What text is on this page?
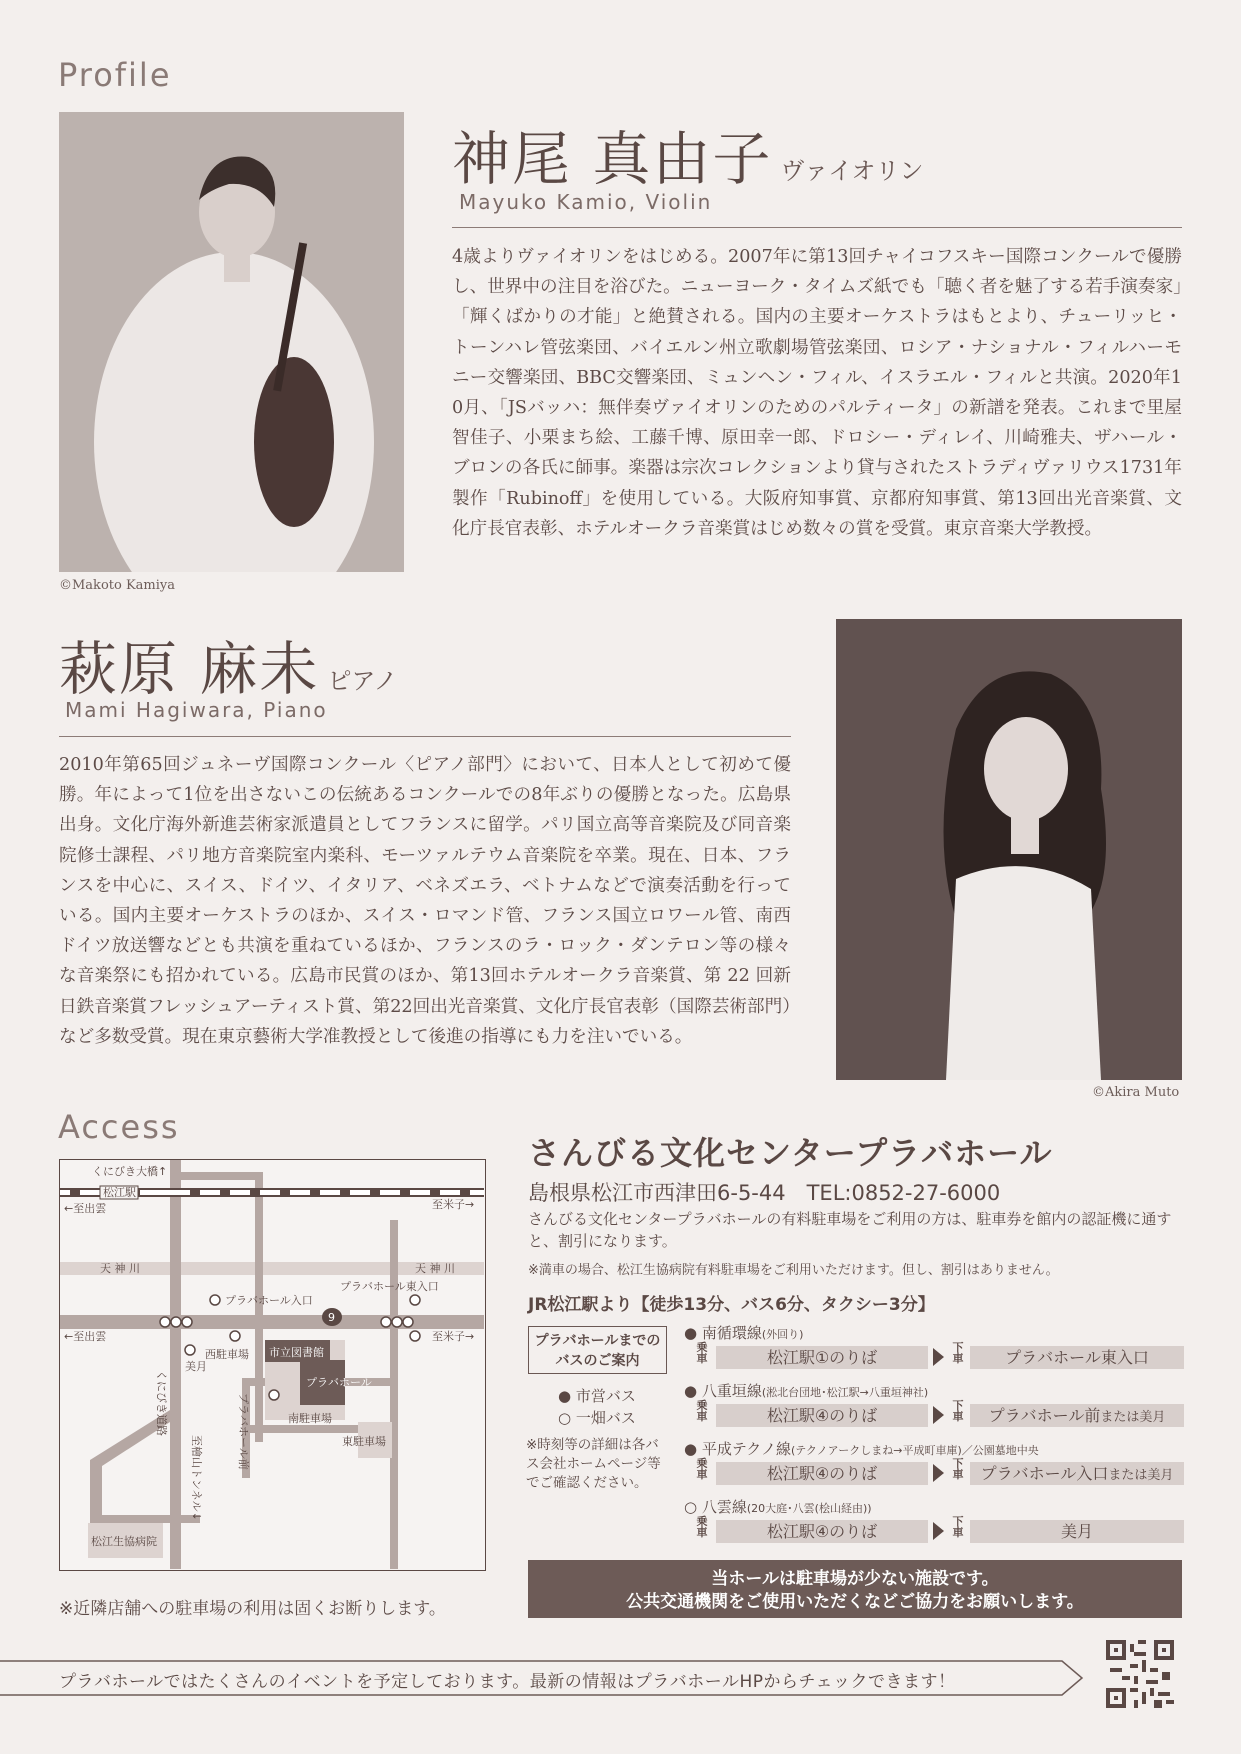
Profile
©Makoto Kamiya
神尾 真由子 ヴァイオリン
Mayuko Kamio, Violin
4歳よりヴァイオリンをはじめる。2007年に第13回チャイコフスキー国際コンクールで優勝し、世界中の注目を浴びた。ニューヨーク・タイムズ紙でも「聴く者を魅了する若手演奏家」「輝くばかりの才能」と絶賛される。国内の主要オーケストラはもとより、チューリッヒ・トーンハレ管弦楽団、バイエルン州立歌劇場管弦楽団、ロシア・ナショナル・フィルハーモニー交響楽団、BBC交響楽団、ミュンヘン・フィル、イスラエル・フィルと共演。2020年10月、「JSバッハ：無伴奏ヴァイオリンのためのパルティータ」の新譜を発表。これまで里屋智佳子、小栗まち絵、工藤千博、原田幸一郎、ドロシー・ディレイ、川崎雅夫、ザハール・ブロンの各氏に師事。楽器は宗次コレクションより貸与されたストラディヴァリウス1731年製作「Rubinoff」を使用している。大阪府知事賞、京都府知事賞、第13回出光音楽賞、文化庁長官表彰、ホテルオークラ音楽賞はじめ数々の賞を受賞。東京音楽大学教授。
萩原 麻未 ピアノ
Mami Hagiwara, Piano
2010年第65回ジュネーヴ国際コンクール〈ピアノ部門〉において、日本人として初めて優勝。年によって1位を出さないこの伝統あるコンクールでの8年ぶりの優勝となった。広島県出身。文化庁海外新進芸術家派遣員としてフランスに留学。パリ国立高等音楽院及び同音楽院修士課程、パリ地方音楽院室内楽科、モーツァルテウム音楽院を卒業。現在、日本、フランスを中心に、スイス、ドイツ、イタリア、ベネズエラ、ベトナムなどで演奏活動を行っている。国内主要オーケストラのほか、スイス・ロマンド管、フランス国立ロワール管、南西ドイツ放送響などとも共演を重ねているほか、フランスのラ・ロック・ダンテロン等の様々な音楽祭にも招かれている。広島市民賞のほか、第13回ホテルオークラ音楽賞、第 22 回新日鉄音楽賞フレッシュアーティスト賞、第22回出光音楽賞、文化庁長官表彰（国際芸術部門）など多数受賞。現在東京藝術大学准教授として後進の指導にも力を注いでいる。
©Akira Muto
Access
くにびき大橋↑
松江駅
←至出雲	至米子→
天 神 川	天 神 川
プラバホール入口
プラバホール東入口
9
←至出雲	至米子→
くにびき道路
美月
西駐車場 市立図書館
プラバホール
プラバホール前	南駐車場
東駐車場
至檜山トンネル↓
松江生協病院
※近隣店舗への駐車場の利用は固くお断りします。
さんびる文化センタープラバホール
島根県松江市西津田6-5-44　TEL:0852-27-6000
さんびる文化センタープラバホールの有料駐車場をご利用の方は、駐車券を館内の認証機に通すと、割引になります。
※満車の場合、松江生協病院有料駐車場をご利用いただけます。但し、割引はありません。
JR松江駅より【徒歩13分、バス6分、タクシー3分】
プラバホールまでのバスのご案内
● 市営バス
○ 一畑バス
※時刻等の詳細は各バス会社ホームページ等でご確認ください。
● 南循環線(外回り)
乗車	松江駅①のりば
下車	プラバホール東入口
● 八重垣線(淞北台団地･松江駅→八重垣神社)
乗車	松江駅④のりば
下車	プラバホール前または美月
● 平成テクノ線(テクノアークしまね→平成町車庫)／公園墓地中央
乗車	松江駅④のりば
下車	プラバホール入口または美月
○ 八雲線(20大庭･八雲(桧山経由))
乗車	松江駅④のりば
下車	美月
当ホールは駐車場が少ない施設です。
公共交通機関をご使用いただくなどご協力をお願いします。
プラバホールではたくさんのイベントを予定しております。最新の情報はプラバホールHPからチェックできます！
